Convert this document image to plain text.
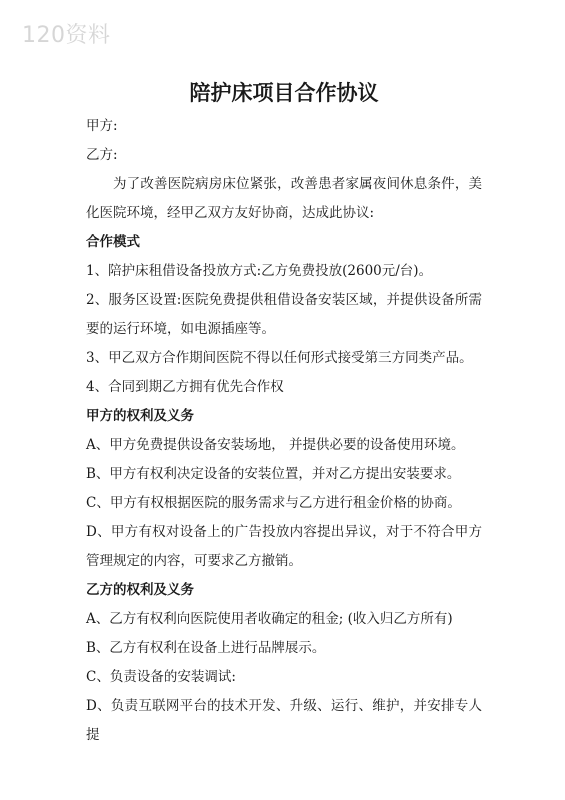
120资料
陪护床项目合作协议
甲方:
乙方:
为了改善医院病房床位紧张，改善患者家属夜间休息条件，美化医院环境，经甲乙双方友好协商，达成此协议:
合作模式
1、陪护床租借设备投放方式:乙方免费投放(2600元/台)。
2、服务区设置:医院免费提供租借设备安装区域，并提供设备所需要的运行环境，如电源插座等。
3、甲乙双方合作期间医院不得以任何形式接受第三方同类产品。
4、合同到期乙方拥有优先合作权
甲方的权利及义务
A、甲方免费提供设备安装场地， 并提供必要的设备使用环境。
B、甲方有权利决定设备的安装位置，并对乙方提出安装要求。
C、甲方有权根据医院的服务需求与乙方进行租金价格的协商。
D、甲方有权对设备上的广告投放内容提出异议，对于不符合甲方管理规定的内容，可要求乙方撤销。
乙方的权利及义务
A、乙方有权利向医院使用者收确定的租金; (收入归乙方所有)
B、乙方有权利在设备上进行品牌展示。
C、负责设备的安装调试:
D、负责互联网平台的技术开发、升级、运行、维护，并安排专人提
